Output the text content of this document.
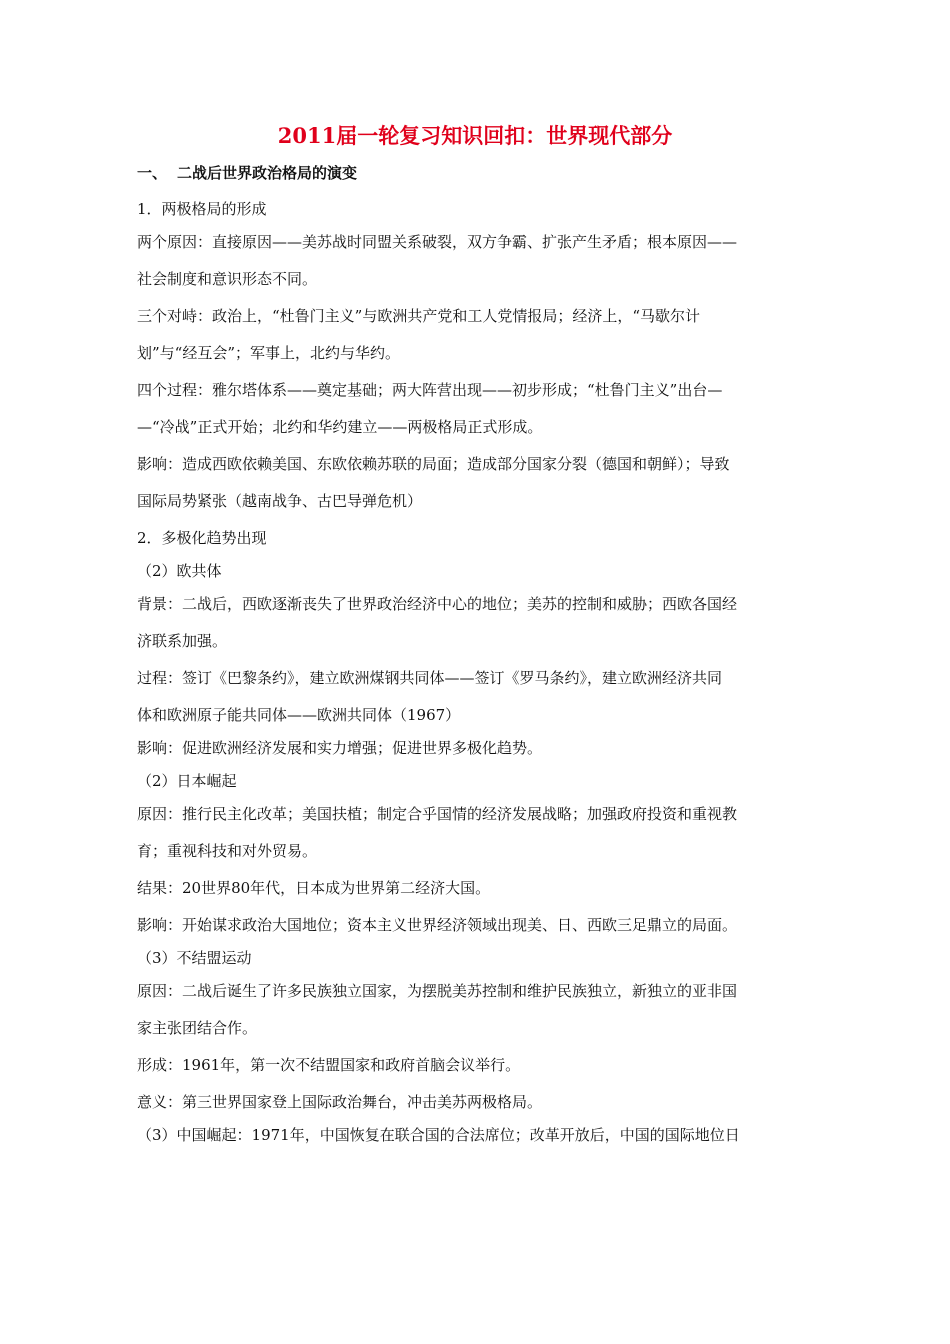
2011届一轮复习知识回扣：世界现代部分
一、 二战后世界政治格局的演变
1．两极格局的形成
两个原因：直接原因——美苏战时同盟关系破裂，双方争霸、扩张产生矛盾；根本原因——
社会制度和意识形态不同。
三个对峙：政治上，“杜鲁门主义”与欧洲共产党和工人党情报局；经济上，“马歇尔计
划”与“经互会”；军事上，北约与华约。
四个过程：雅尔塔体系——奠定基础；两大阵营出现——初步形成；“杜鲁门主义”出台—
—“冷战”正式开始；北约和华约建立——两极格局正式形成。
影响：造成西欧依赖美国、东欧依赖苏联的局面；造成部分国家分裂（德国和朝鲜）；导致
国际局势紧张（越南战争、古巴导弹危机）
2．多极化趋势出现
（2）欧共体
背景：二战后，西欧逐渐丧失了世界政治经济中心的地位；美苏的控制和威胁；西欧各国经
济联系加强。
过程：签订《巴黎条约》，建立欧洲煤钢共同体——签订《罗马条约》，建立欧洲经济共同
体和欧洲原子能共同体——欧洲共同体（1967）
影响：促进欧洲经济发展和实力增强；促进世界多极化趋势。
（2）日本崛起
原因：推行民主化改革；美国扶植；制定合乎国情的经济发展战略；加强政府投资和重视教
育；重视科技和对外贸易。
结果：20世界80年代，日本成为世界第二经济大国。
影响：开始谋求政治大国地位；资本主义世界经济领域出现美、日、西欧三足鼎立的局面。
（3）不结盟运动
原因：二战后诞生了许多民族独立国家，为摆脱美苏控制和维护民族独立，新独立的亚非国
家主张团结合作。
形成：1961年，第一次不结盟国家和政府首脑会议举行。
意义：第三世界国家登上国际政治舞台，冲击美苏两极格局。
（3）中国崛起：1971年，中国恢复在联合国的合法席位；改革开放后，中国的国际地位日
